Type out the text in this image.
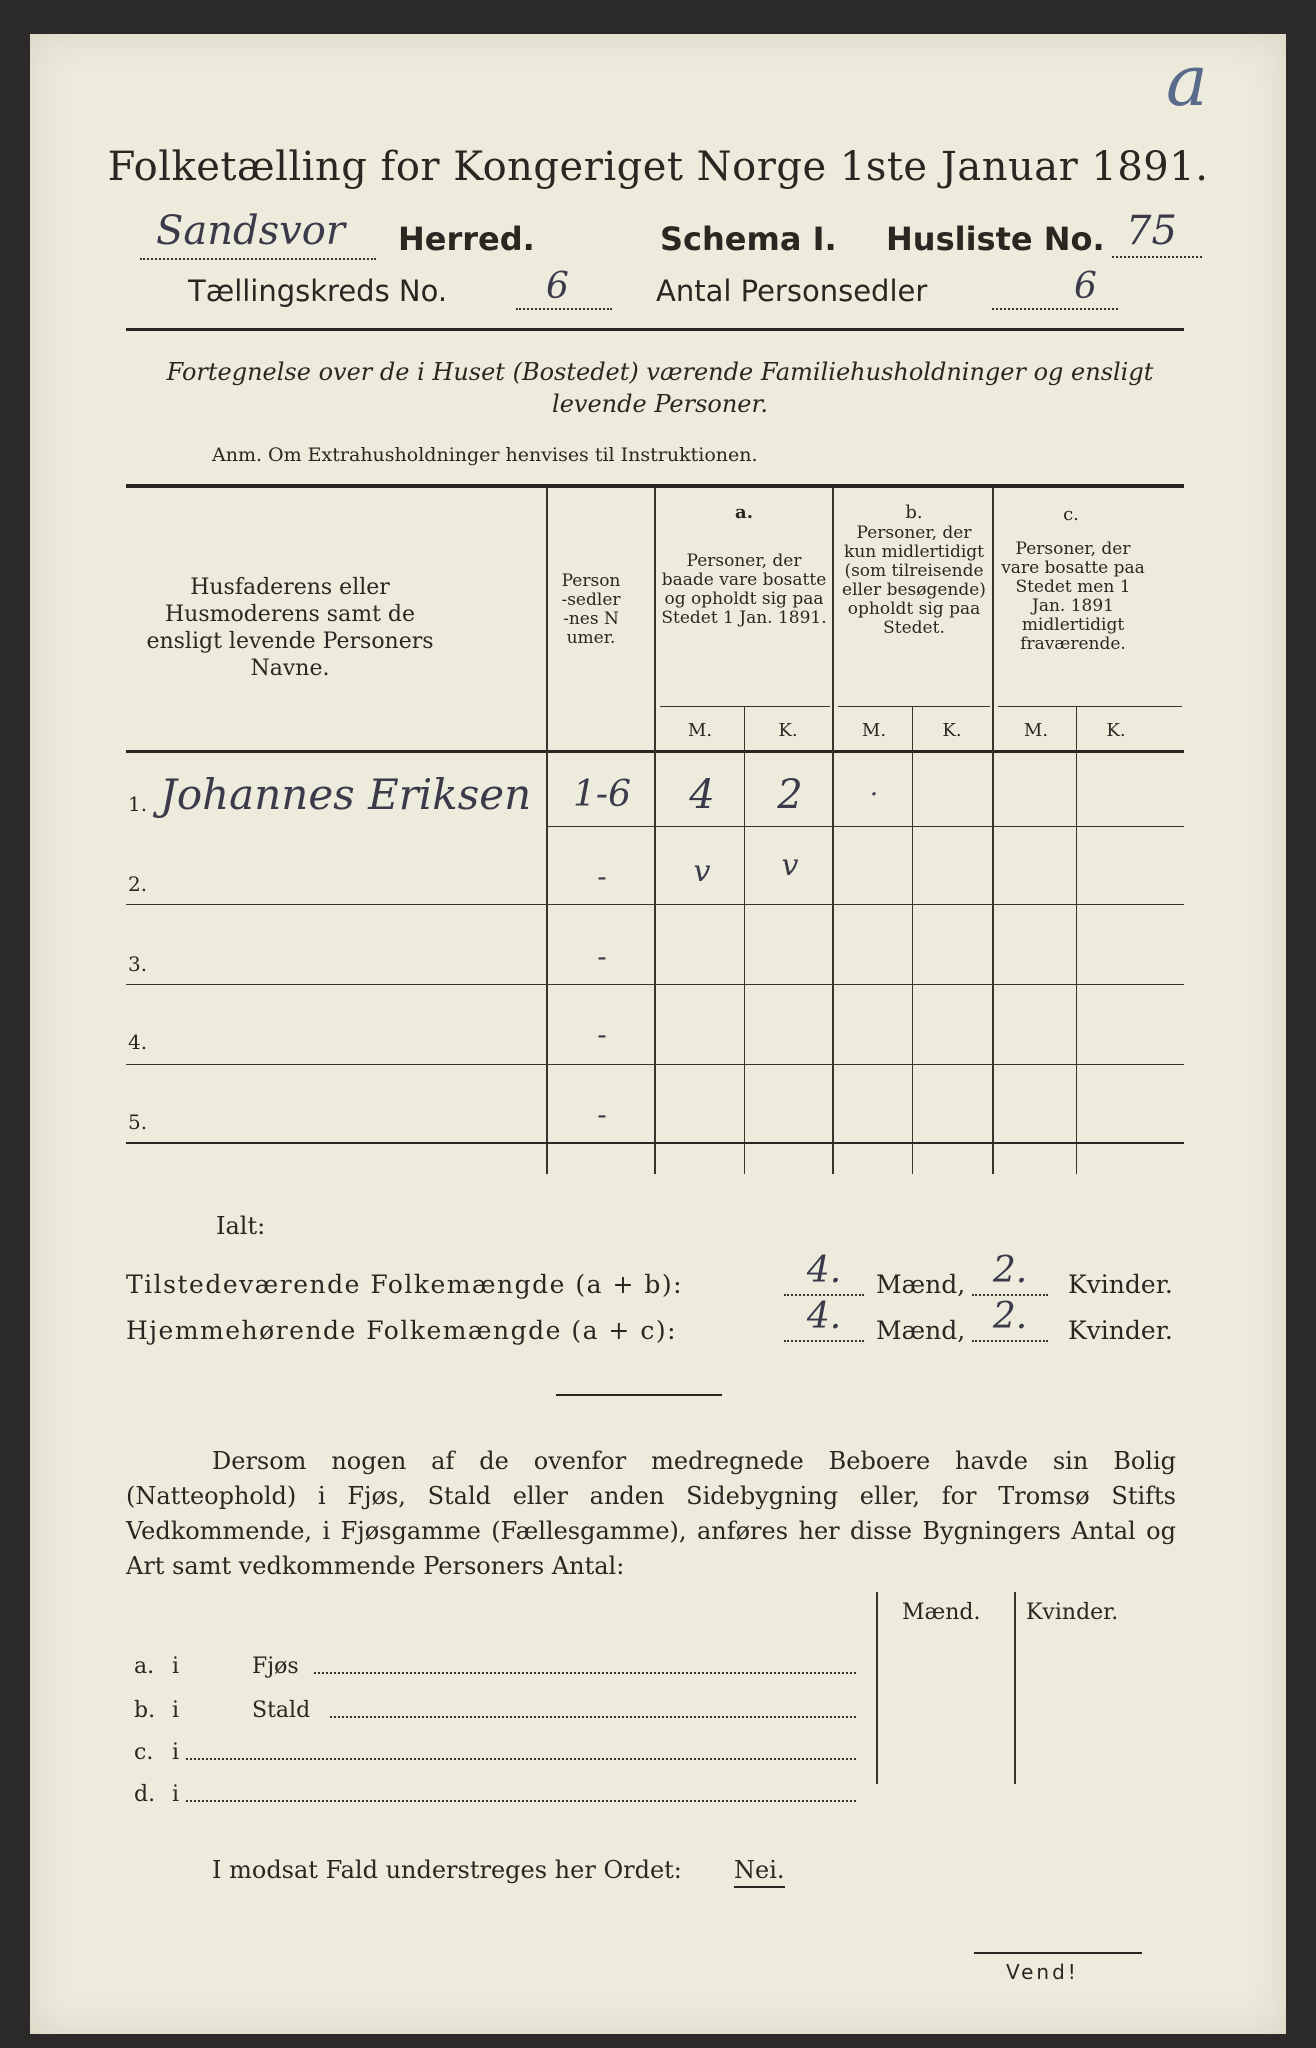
a
Folketælling for Kongeriget Norge 1ste Januar 1891.
Sandsvor Herred.	Schema I. Husliste No. 75
Tællingskreds No.	6	Antal Personsedler	6
Fortegnelse over de i Huset (Bostedet) værende Familiehusholdninger og ensligt
levende Personer.
Anm. Om Extrahusholdninger henvises til Instruktionen.
Husfaderens eller Husmoderens samt de ensligt levende Personers Navne.
Person-sedler-nes Numer.
a.
Personer, der baade vare bosatte og opholdt sig paa Stedet 1 Jan. 1891.
b.
Personer, der kun midlertidigt (som tilreisende eller besøgende) opholdt sig paa Stedet.
c.
Personer, der vare bosatte paa Stedet men 1 Jan. 1891 midlertidigt fraværende.
M.	K.	M.	K.	M.	K.
1. Johannes Eriksen	1-6	4	2	·
2.	-	v	v
3.	-
4.	-
5.	-
Ialt:
Tilstedeværende Folkemængde (a + b):	4.	Mænd, 2.	Kvinder.
Hjemmehørende Folkemængde (a + c):	4.	Mænd, 2.	Kvinder.
Dersom nogen af de ovenfor medregnede Beboere havde sin Bolig (Natteophold) i Fjøs, Stald eller anden Sidebygning eller, for Tromsø Stifts Vedkommende, i Fjøsgamme (Fællesgamme), anføres her disse Bygningers Antal og Art samt vedkommende Personers Antal:
Mænd. Kvinder.
a. i	Fjøs
b. i	Stald
c. i
d. i
I modsat Fald understreges her Ordet: Nei.
Vend!
